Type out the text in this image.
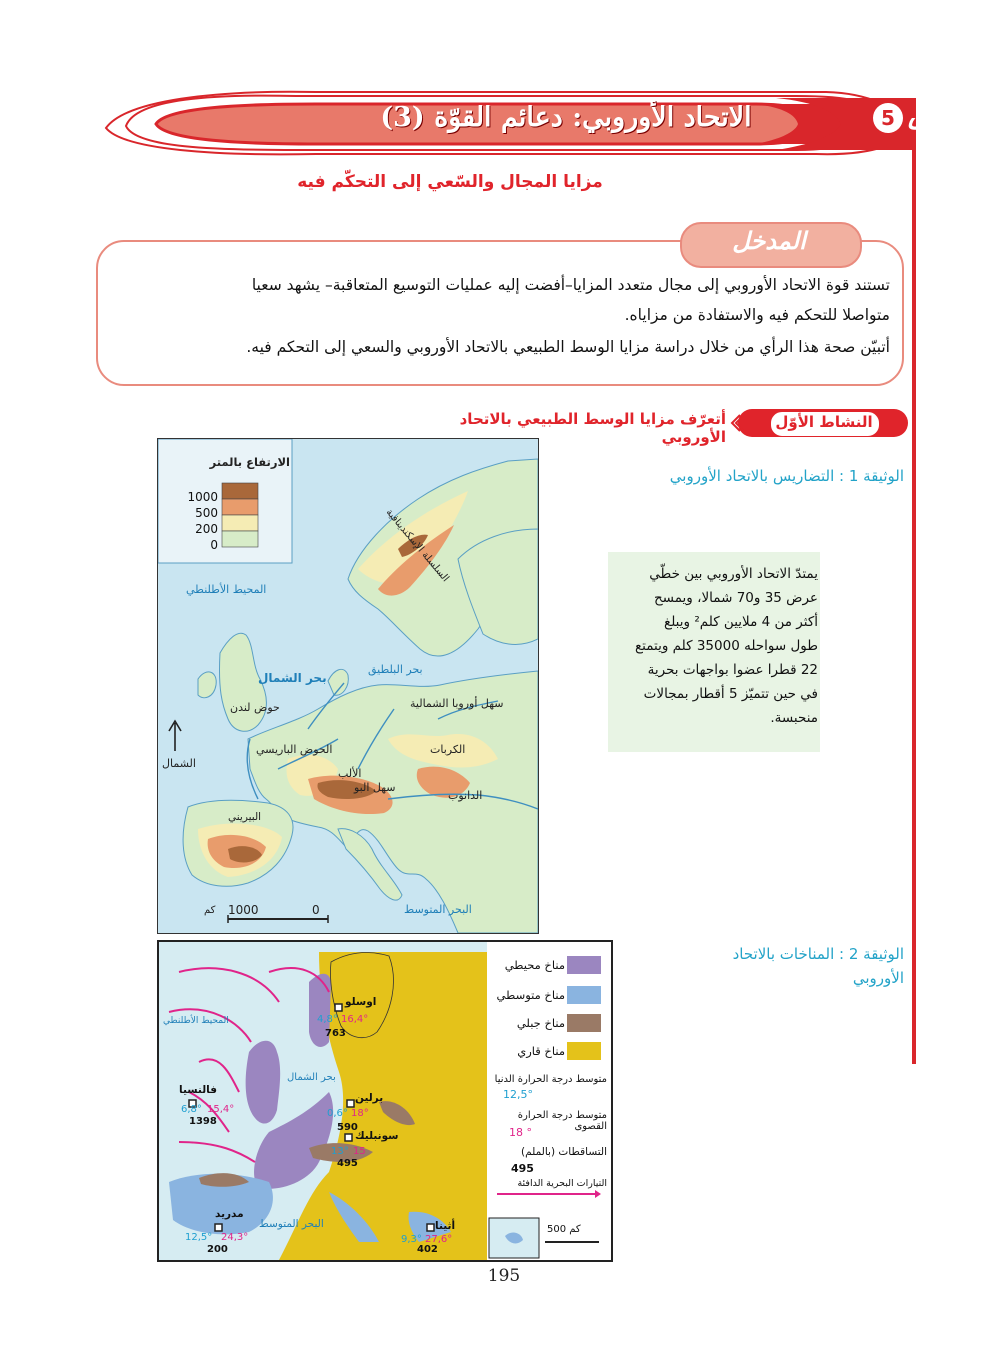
الاتحاد الأوروبي: دعائم القوّة (3)	5 الدرس
مزايا المجال والسّعي إلى التحكّم فيه
المدخل
تستند قوة الاتحاد الأوروبي إلى مجال متعدد المزايا–أفضت إليه عمليات التوسيع المتعاقبة– يشهد سعيا
متواصلا للتحكم فيه والاستفادة من مزاياه.
أتبيّن صحة هذا الرأي من خلال دراسة مزايا الوسط الطبيعي بالاتحاد الأوروبي والسعي إلى التحكم فيه.
النشاط الأوّل
أتعرّف مزايا الوسط الطبيعي بالاتحاد الأوروبي
الوثيقة 1 : التضاريس بالاتحاد الأوروبي
الوثيقة 2 : المناخات بالاتحاد
الأوروبي
يمتدّ الاتحاد الأوروبي بين خطّي
عرض 35 و70 شمالا، ويمسح
أكثر من 4 ملايين كلم² ويبلغ
طول سواحله 35000 كلم ويتمتع
22 قطرا عضوا بواجهات بحرية
في حين تتميّز 5 أقطار بمجالات
منحبسة.
الارتفاع بالمتر
1000
500
200
0
المحيط الأطلنطي
بحر الشمال
بحر البلطيق
حوض لندن
الحوض الباريسي
سهل أوروبا الشمالية
الألب
سهل البو
الكربات
الدانوب
البيريني
السلسلة الإسكندينافية
البحر المتوسط
الشمال
كم 1000	0
مناخ محيطي
مناخ متوسطي
مناخ جبلي
مناخ قاري
متوسط درجة الحرارة الدنيا
12,5°
متوسط درجة الحرارة القصوى
18 °
التساقطات (بالملم)
495
التيارات البحرية الدافئة
500 كم
المحيط الأطلنطي
بحر الشمال
البحر المتوسط
اوسلو
4,8° 16,4°
763
فالنسيا
6,8° 15,4°
1398
برلين
0,6° 18°
590
سونبليك
13° 15
495
مدريد
12,5° 24,3°
200
أثينا
9,3° 27,6°
402
195
